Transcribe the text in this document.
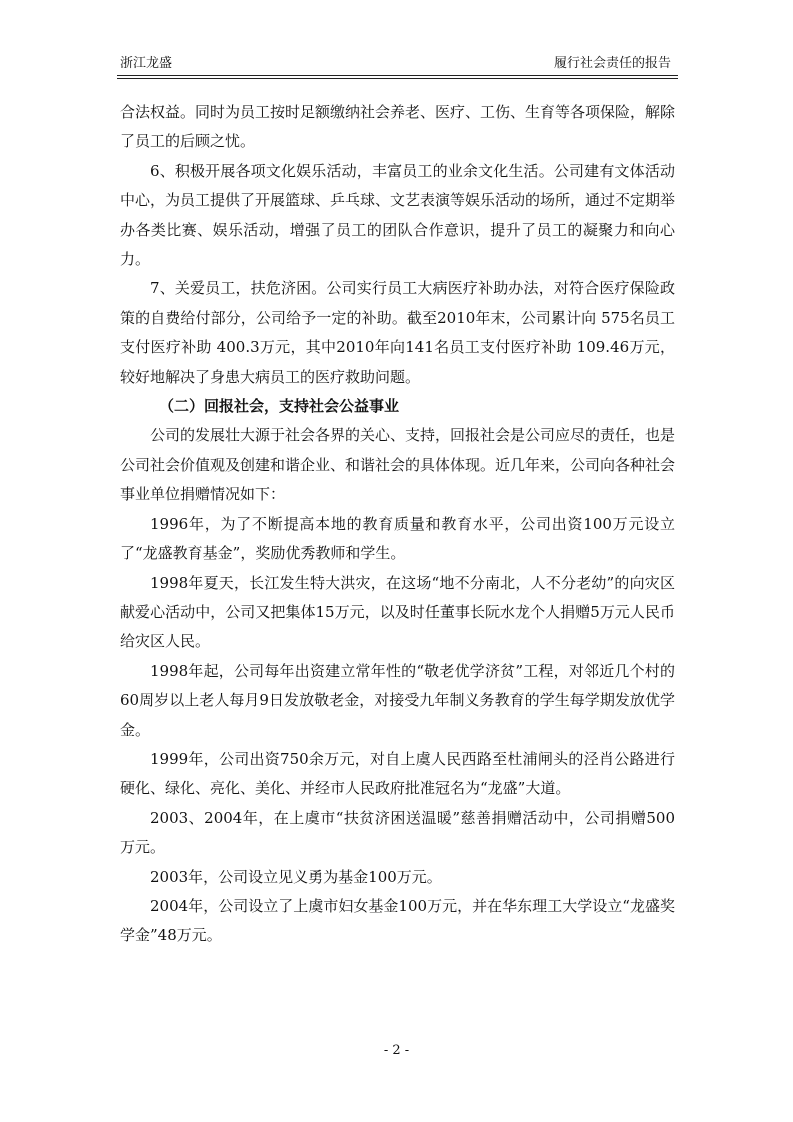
浙江龙盛	履行社会责任的报告

合法权益。同时为员工按时足额缴纳社会养老、医疗、工伤、生育等各项保险，解除了员工的后顾之忧。

6、积极开展各项文化娱乐活动，丰富员工的业余文化生活。公司建有文体活动中心，为员工提供了开展篮球、乒乓球、文艺表演等娱乐活动的场所，通过不定期举办各类比赛、娱乐活动，增强了员工的团队合作意识，提升了员工的凝聚力和向心力。

7、关爱员工，扶危济困。公司实行员工大病医疗补助办法，对符合医疗保险政策的自费给付部分，公司给予一定的补助。截至2010年末，公司累计向 575名员工支付医疗补助 400.3万元，其中2010年向141名员工支付医疗补助 109.46万元，较好地解决了身患大病员工的医疗救助问题。

（二）回报社会，支持社会公益事业

公司的发展壮大源于社会各界的关心、支持，回报社会是公司应尽的责任，也是公司社会价值观及创建和谐企业、和谐社会的具体体现。近几年来，公司向各种社会事业单位捐赠情况如下：

1996年，为了不断提高本地的教育质量和教育水平，公司出资100万元设立了“龙盛教育基金”，奖励优秀教师和学生。

1998年夏天，长江发生特大洪灾，在这场“地不分南北，人不分老幼”的向灾区献爱心活动中，公司又把集体15万元，以及时任董事长阮水龙个人捐赠5万元人民币给灾区人民。

1998年起，公司每年出资建立常年性的“敬老优学济贫”工程，对邻近几个村的60周岁以上老人每月9日发放敬老金，对接受九年制义务教育的学生每学期发放优学金。

1999年，公司出资750余万元，对自上虞人民西路至杜浦闸头的泾肖公路进行硬化、绿化、亮化、美化、并经市人民政府批准冠名为“龙盛”大道。

2003、2004年，在上虞市“扶贫济困送温暖”慈善捐赠活动中，公司捐赠500万元。

2003年，公司设立见义勇为基金100万元。

2004年，公司设立了上虞市妇女基金100万元，并在华东理工大学设立“龙盛奖学金”48万元。

- 2 -
